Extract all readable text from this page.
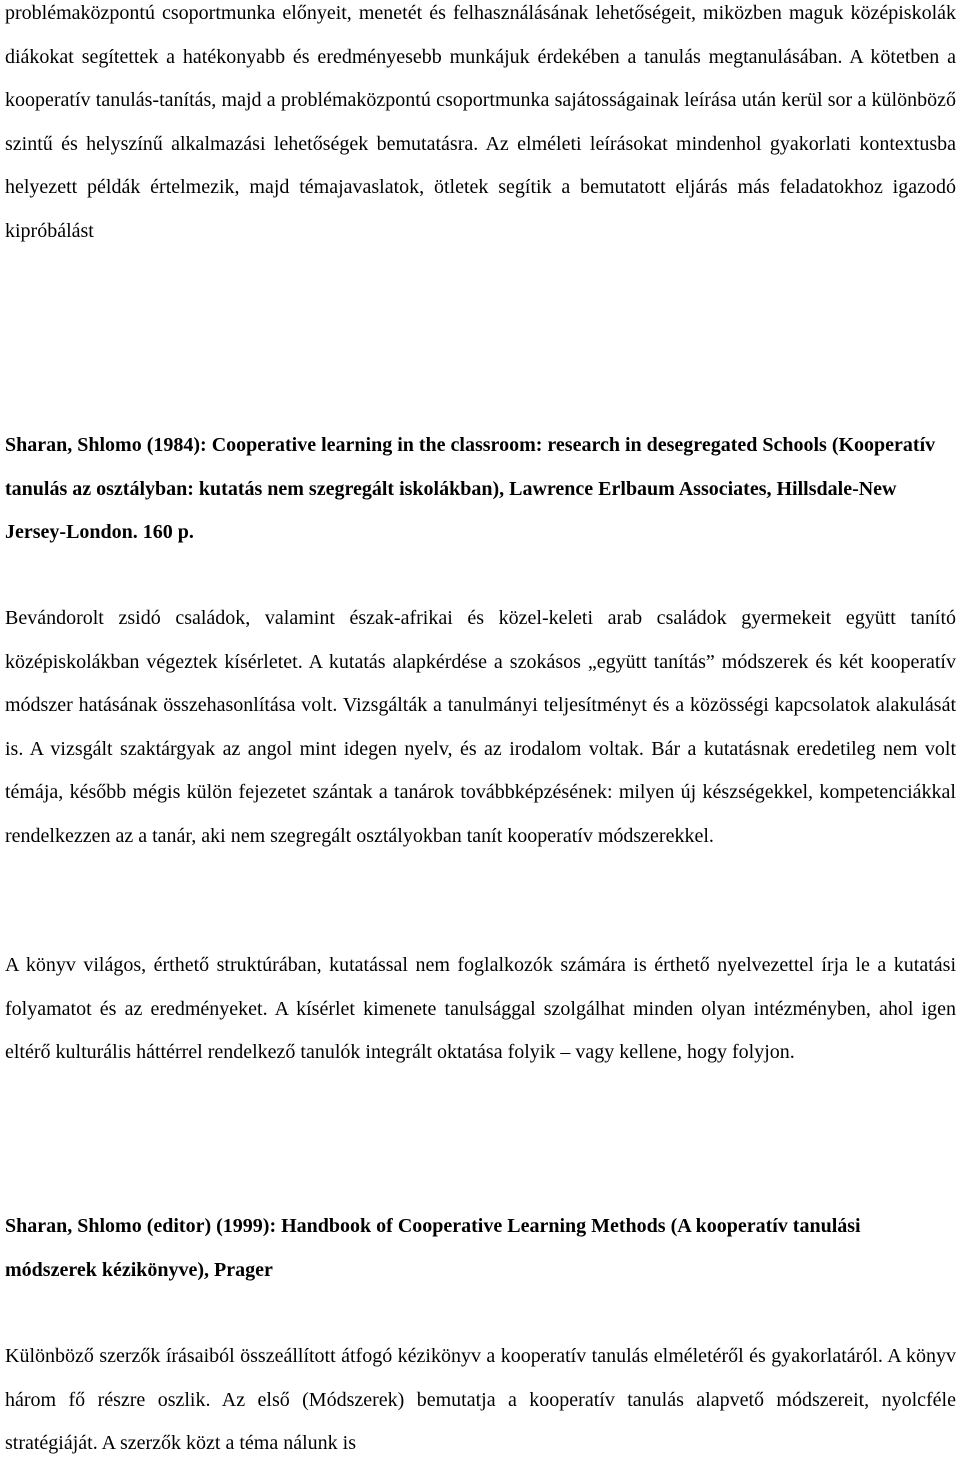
problémaközpontú csoportmunka előnyeit, menetét és felhasználásának lehetőségeit, miközben maguk középiskolák diákokat segítettek a hatékonyabb és eredményesebb munkájuk érdekében a tanulás megtanulásában. A kötetben a kooperatív tanulás-tanítás, majd a problémaközpontú csoportmunka sajátosságainak leírása után kerül sor a különböző szintű és helyszínű alkalmazási lehetőségek bemutatásra. Az elméleti leírásokat mindenhol gyakorlati kontextusba helyezett példák értelmezik, majd témajavaslatok, ötletek segítik a bemutatott eljárás más feladatokhoz igazodó kipróbálást

Sharan, Shlomo (1984): Cooperative learning in the classroom: research in desegregated Schools (Kooperatív tanulás az osztályban: kutatás nem szegregált iskolákban), Lawrence Erlbaum Associates, Hillsdale-New Jersey-London. 160 p.

Bevándorolt zsidó családok, valamint észak-afrikai és közel-keleti arab családok gyermekeit együtt tanító középiskolákban végeztek kísérletet. A kutatás alapkérdése a szokásos „együtt tanítás” módszerek és két kooperatív módszer hatásának összehasonlítása volt. Vizsgálták a tanulmányi teljesítményt és a közösségi kapcsolatok alakulását is. A vizsgált szaktárgyak az angol mint idegen nyelv, és az irodalom voltak. Bár a kutatásnak eredetileg nem volt témája, később mégis külön fejezetet szántak a tanárok továbbképzésének: milyen új készségekkel, kompetenciákkal rendelkezzen az a tanár, aki nem szegregált osztályokban tanít kooperatív módszerekkel.

A könyv világos, érthető struktúrában, kutatással nem foglalkozók számára is érthető nyelvezettel írja le a kutatási folyamatot és az eredményeket. A kísérlet kimenete tanulsággal szolgálhat minden olyan intézményben, ahol igen eltérő kulturális háttérrel rendelkező tanulók integrált oktatása folyik – vagy kellene, hogy folyjon.

Sharan, Shlomo (editor) (1999): Handbook of Cooperative Learning Methods (A kooperatív tanulási módszerek kézikönyve), Prager

Különböző szerzők írásaiból összeállított átfogó kézikönyv a kooperatív tanulás elméletéről és gyakorlatáról. A könyv három fő részre oszlik. Az első (Módszerek) bemutatja a kooperatív tanulás alapvető módszereit, nyolcféle stratégiáját. A szerzők közt a téma nálunk is
